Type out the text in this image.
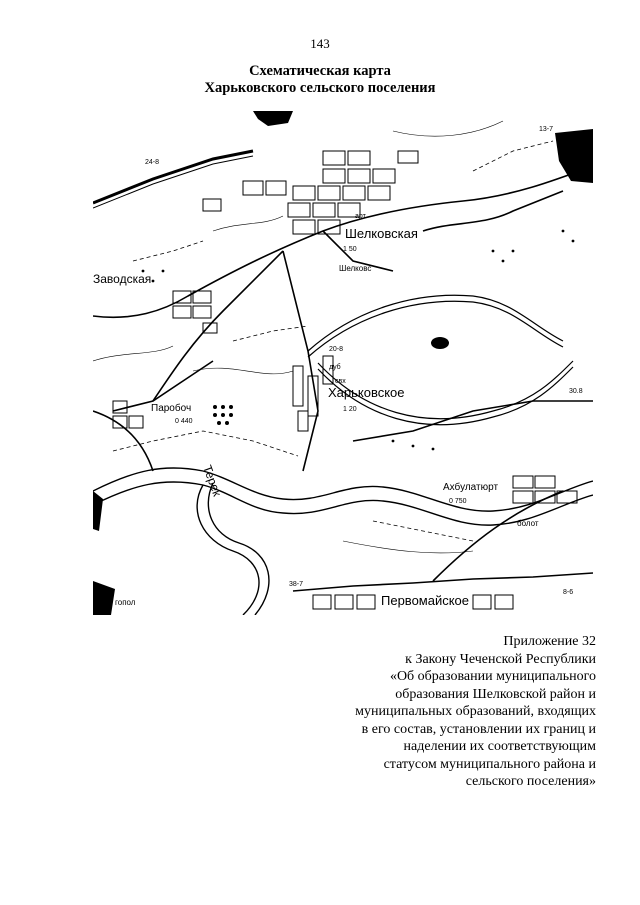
143
Схематическая карта
Харьковского сельского поселения
Шелковская
Шелковс
Заводская
Харьковское
Паробоч
Терек	Ахбулатюрт
Первомайское
гопол
болот
1 50
1 20
0 440
24-8
30.8
38-7
8-6
0 750
20-8
дуб
свх
арт
13-7
Приложение 32
к Закону Чеченской Республики
«Об образовании муниципального
образования Шелковской район и
муниципальных образований, входящих
в его состав, установлении их границ и
наделении их соответствующим
статусом муниципального района и
сельского поселения»
